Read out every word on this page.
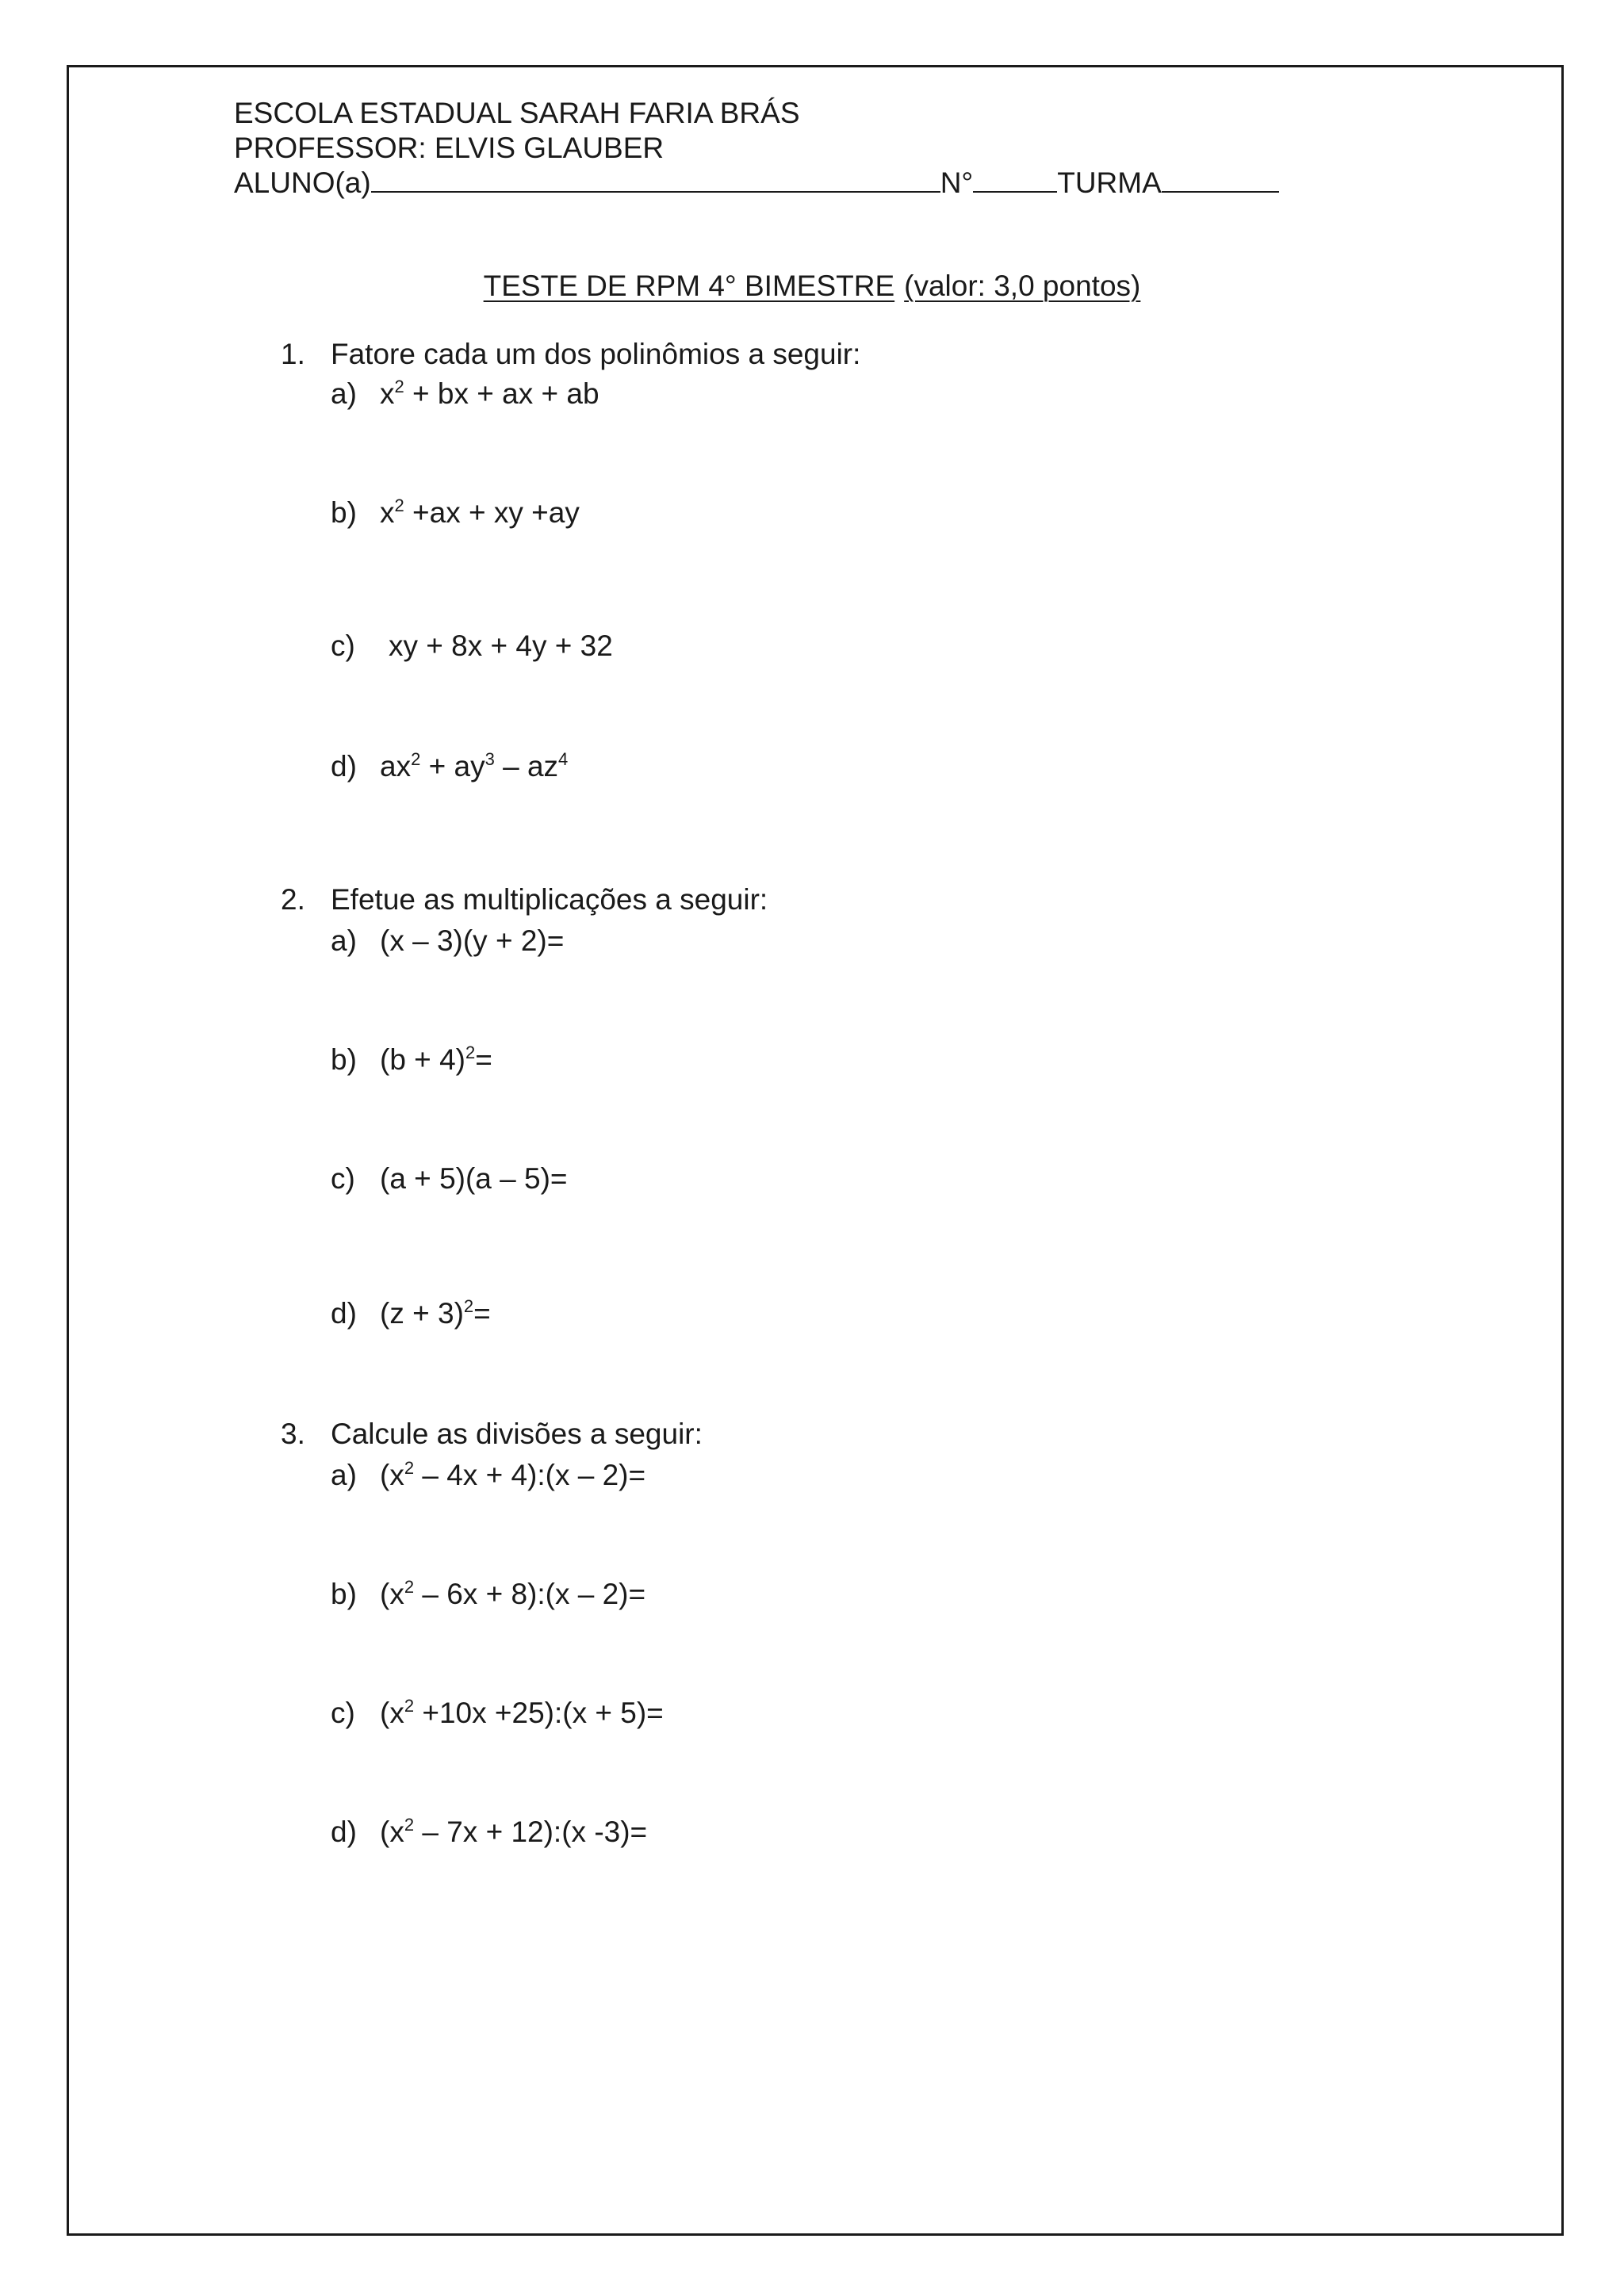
ESCOLA ESTADUAL SARAH FARIA BRÁS
PROFESSOR: ELVIS GLAUBER
ALUNO(a)	N°	TURMA
TESTE DE RPM 4° BIMESTRE (valor: 3,0 pontos)
1. Fatore cada um dos polinômios a seguir:
a) $x^2$ + bx + ax + ab
b) $x^2 +ax$ + xy +ay
c) xy + 8x + 4y + 32
d) $ax^2 + ay^3 - az^4$
2. Efetue as multiplicações a seguir:
a) (x – 3)(y + 2)=
b) $(b + 4)^2=$
c) (a + 5)(a – 5)=
d) $(z + 3)^2=$
3. Calcule as divisões a seguir:
a) ($x^2 - 4x$ + 4):(x – 2)=
b) ($x^2 - 6x$ + 8):(x – 2)=
c) ($x^2 +10x$ +25):(x + 5)=
d) ($x^2 - 7x$ + 12):(x -3)=
